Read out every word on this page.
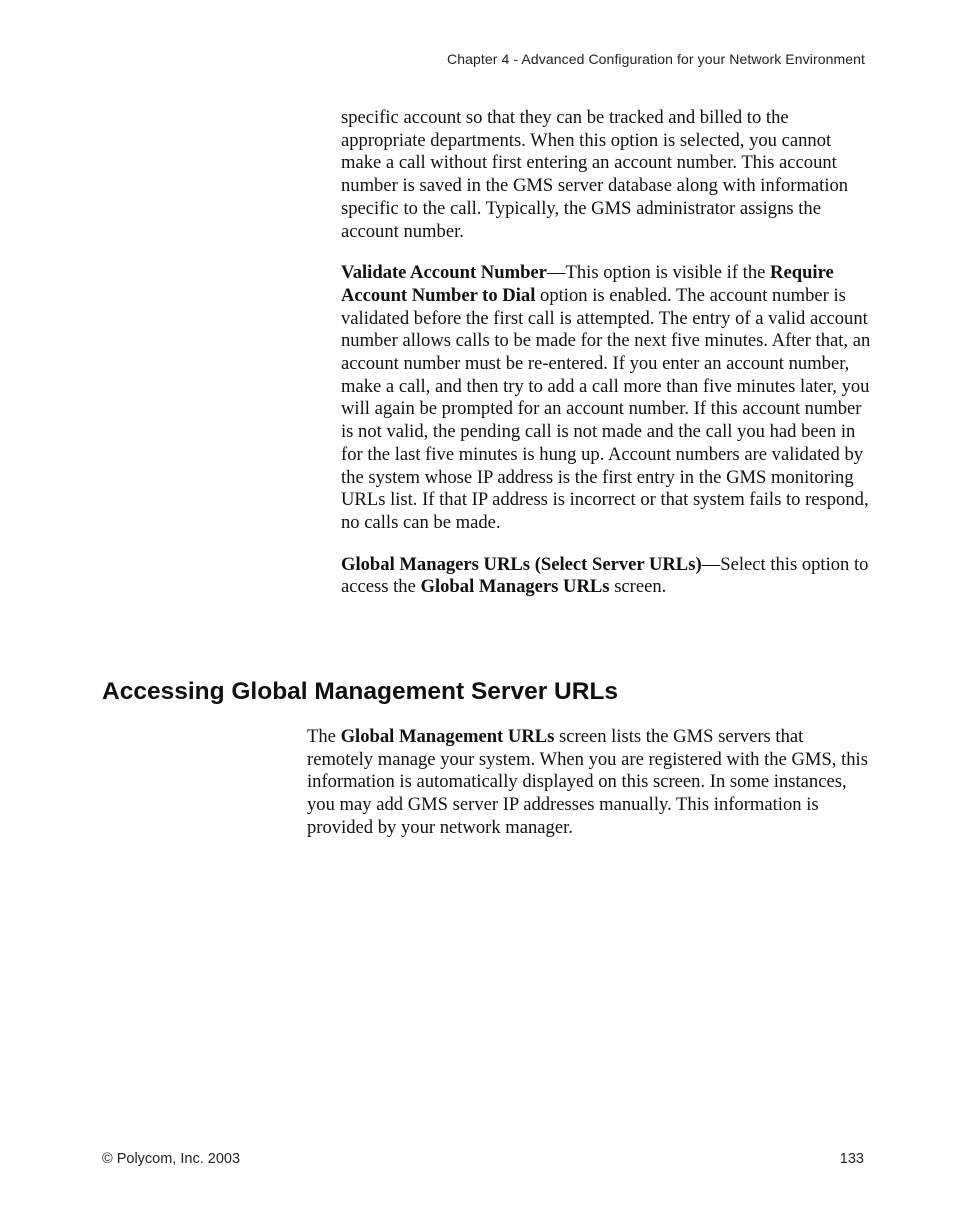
Chapter 4 - Advanced Configuration for your Network Environment

specific account so that they can be tracked and billed to the appropriate departments. When this option is selected, you cannot make a call without first entering an account number. This account number is saved in the GMS server database along with information specific to the call. Typically, the GMS administrator assigns the account number.

Validate Account Number—This option is visible if the Require Account Number to Dial option is enabled. The account number is validated before the first call is attempted. The entry of a valid account number allows calls to be made for the next five minutes. After that, an account number must be re-entered. If you enter an account number, make a call, and then try to add a call more than five minutes later, you will again be prompted for an account number. If this account number is not valid, the pending call is not made and the call you had been in for the last five minutes is hung up. Account numbers are validated by the system whose IP address is the first entry in the GMS monitoring URLs list. If that IP address is incorrect or that system fails to respond, no calls can be made.

Global Managers URLs (Select Server URLs)—Select this option to access the Global Managers URLs screen.

Accessing Global Management Server URLs

The Global Management URLs screen lists the GMS servers that remotely manage your system. When you are registered with the GMS, this information is automatically displayed on this screen. In some instances, you may add GMS server IP addresses manually. This information is provided by your network manager.

© Polycom, Inc. 2003	133
